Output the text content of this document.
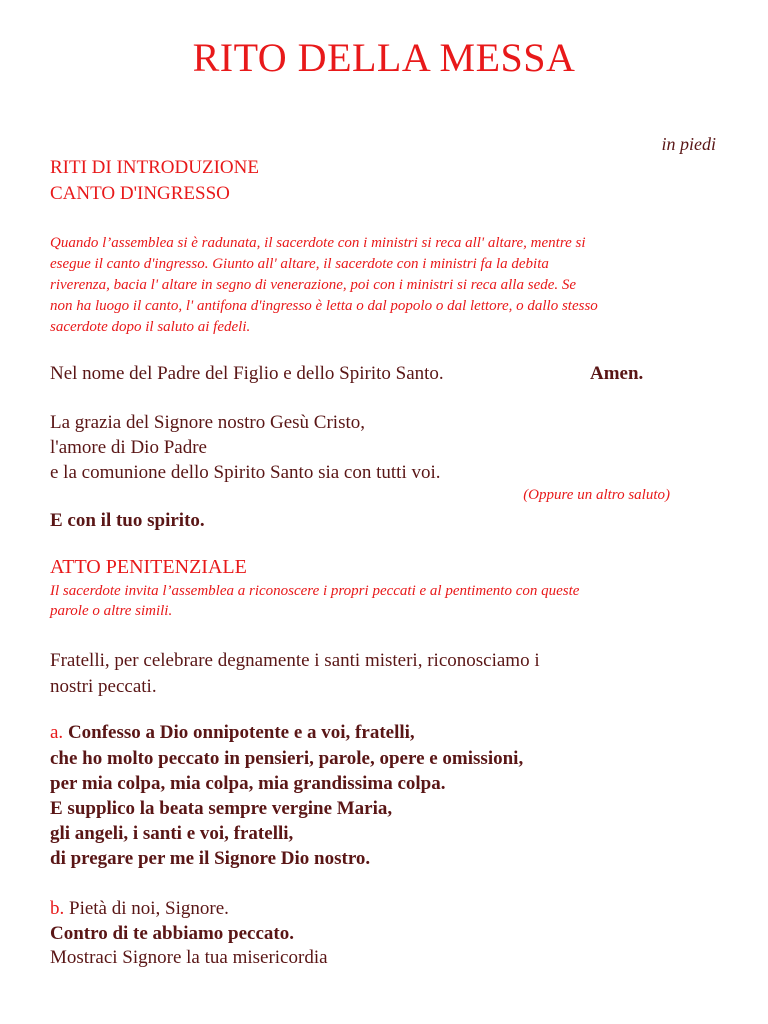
RITO DELLA MESSA
in piedi
RITI DI INTRODUZIONE
CANTO D'INGRESSO
Quando l’assemblea si è radunata, il sacerdote con i ministri si reca all' altare, mentre si
esegue il canto d'ingresso. Giunto all' altare, il sacerdote con i ministri fa la debita
riverenza, bacia l' altare in segno di venerazione, poi con i ministri si reca alla sede. Se
non ha luogo il canto, l' antifona d'ingresso è letta o dal popolo o dal lettore, o dallo stesso
sacerdote dopo il saluto ai fedeli.
Nel nome del Padre del Figlio e dello Spirito Santo.	Amen.
La grazia del Signore nostro Gesù Cristo,
l'amore di Dio Padre
e la comunione dello Spirito Santo sia con tutti voi.
(Oppure un altro saluto)
E con il tuo spirito.
ATTO PENITENZIALE
Il sacerdote invita l’assemblea a riconoscere i propri peccati e al pentimento con queste
parole o altre simili.
Fratelli, per celebrare degnamente i santi misteri, riconosciamo i
nostri peccati.
a. Confesso a Dio onnipotente e a voi, fratelli,
che ho molto peccato in pensieri, parole, opere e omissioni,
per mia colpa, mia colpa, mia grandissima colpa.
E supplico la beata sempre vergine Maria,
gli angeli, i santi e voi, fratelli,
di pregare per me il Signore Dio nostro.
b. Pietà di noi, Signore.
Contro di te abbiamo peccato.
Mostraci Signore la tua misericordia
